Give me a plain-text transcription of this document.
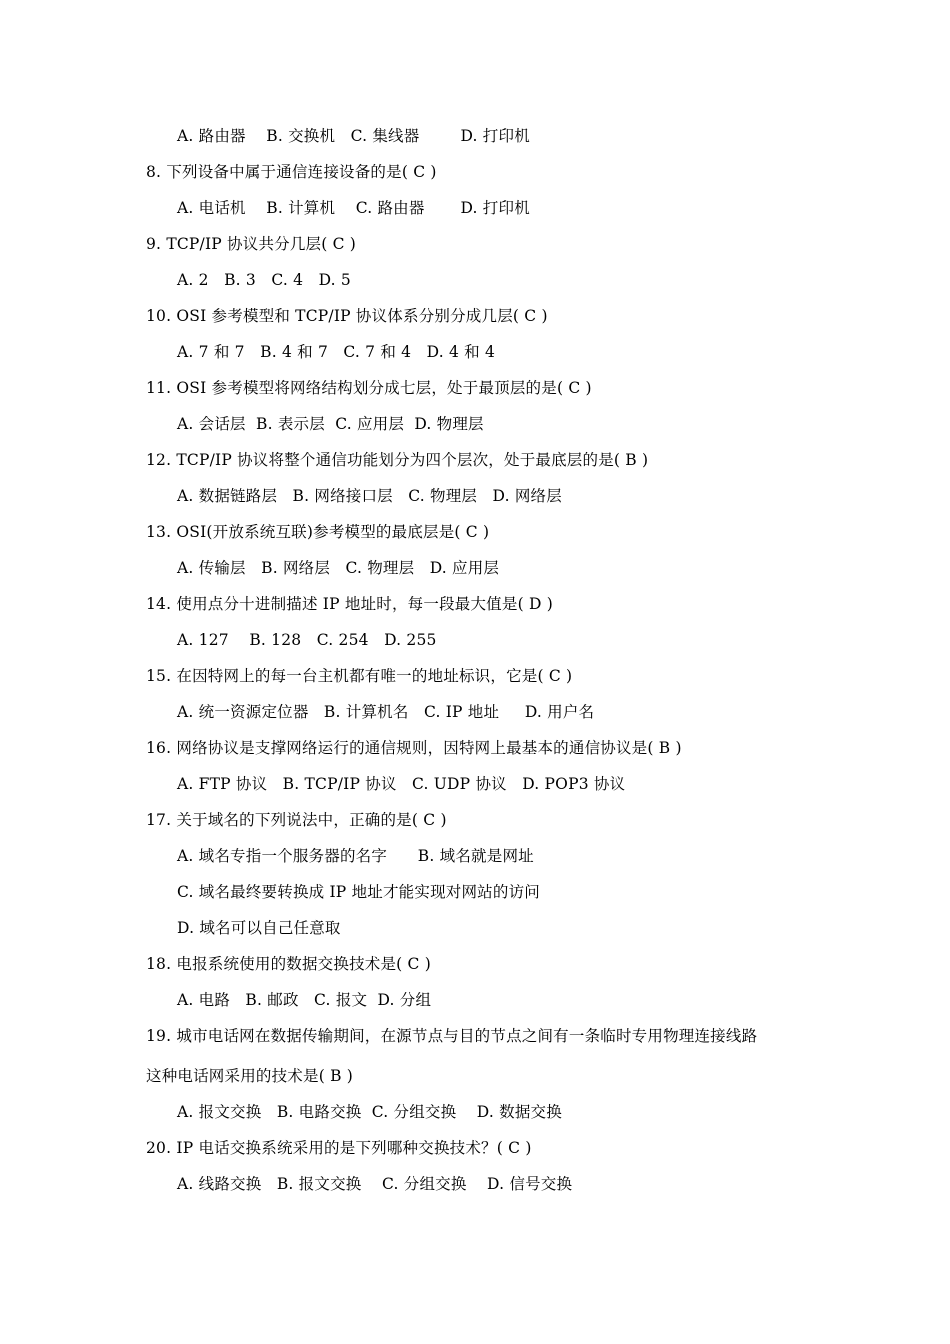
A. 路由器    B. 交换机   C. 集线器        D. 打印机
8. 下列设备中属于通信连接设备的是( C )
A. 电话机    B. 计算机    C. 路由器       D. 打印机
9. TCP/IP 协议共分几层( C )
A. 2   B. 3   C. 4   D. 5
10. OSI 参考模型和 TCP/IP 协议体系分别分成几层( C )
A. 7 和 7   B. 4 和 7   C. 7 和 4   D. 4 和 4
11. OSI 参考模型将网络结构划分成七层，处于最顶层的是( C )
A. 会话层  B. 表示层  C. 应用层  D. 物理层
12. TCP/IP 协议将整个通信功能划分为四个层次，处于最底层的是( B )
A. 数据链路层   B. 网络接口层   C. 物理层   D. 网络层
13. OSI(开放系统互联)参考模型的最底层是( C )
A. 传输层   B. 网络层   C. 物理层   D. 应用层
14. 使用点分十进制描述 IP 地址时，每一段最大值是( D )
A. 127    B. 128   C. 254   D. 255
15. 在因特网上的每一台主机都有唯一的地址标识，它是( C )
A. 统一资源定位器   B. 计算机名   C. IP 地址     D. 用户名
16. 网络协议是支撑网络运行的通信规则，因特网上最基本的通信协议是( B )
A. FTP 协议   B. TCP/IP 协议   C. UDP 协议   D. POP3 协议
17. 关于域名的下列说法中，正确的是( C )
A. 域名专指一个服务器的名字      B. 域名就是网址
C. 域名最终要转换成 IP 地址才能实现对网站的访问
D. 域名可以自己任意取
18. 电报系统使用的数据交换技术是( C )
A. 电路   B. 邮政   C. 报文  D. 分组
19. 城市电话网在数据传输期间，在源节点与目的节点之间有一条临时专用物理连接线路
这种电话网采用的技术是( B )
A. 报文交换   B. 电路交换  C. 分组交换    D. 数据交换
20. IP 电话交换系统采用的是下列哪种交换技术？( C )
A. 线路交换   B. 报文交换    C. 分组交换    D. 信号交换
